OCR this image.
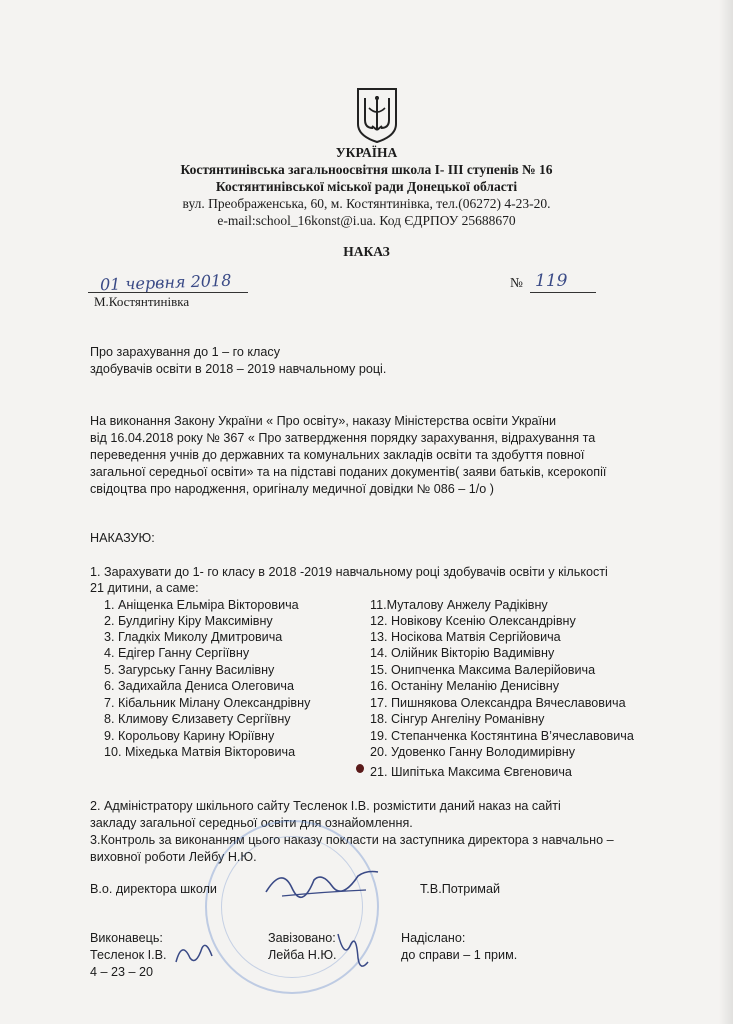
УКРАЇНА
Костянтинівська загальноосвітня школа І- ІІІ ступенів № 16
Костянтинівської міської ради Донецької області
вул. Преображенська, 60, м. Костянтинівка, тел.(06272) 4-23-20.
e-mail:school_16konst@i.ua. Код ЄДРПОУ 25688670
НАКАЗ
01 червня 2018
М.Костянтинівка
№ 119
Про зарахування до 1 – го класу
здобувачів освіти в 2018 – 2019 навчальному році.
На виконання Закону України « Про освіту», наказу Міністерства освіти України
від 16.04.2018 року № 367 « Про затвердження порядку зарахування, відрахування та
переведення учнів до державних та комунальних закладів освіти та здобуття повної
загальної середньої освіти» та на підставі поданих документів( заяви батьків, ксерокопії
свідоцтва про народження, оригіналу медичної довідки № 086 – 1/о )
НАКАЗУЮ:
1. Зарахувати до 1- го класу в 2018 -2019 навчальному році здобувачів освіти у кількості
21 дитини, а саме:
1. Аніщенка Ельміра Вікторовича
2. Булдигіну Кіру Максимівну
3. Гладкіх Миколу Дмитровича
4. Едігер Ганну Сергіївну
5. Загурську Ганну Василівну
6. Задихайла Дениса Олеговича
7. Кібальник Мілану Олександрівну
8. Климову Єлизавету Сергіївну
9. Корольову Карину Юріївну
10. Міхедька Матвія Вікторовича
11.Муталову Анжелу Радіківну
12. Новікову Ксенію Олександрівну
13. Носікова Матвія Сергійовича
14. Олійник Вікторію Вадимівну
15. Онипченка Максима Валерійовича
16. Останіну Меланію Денисівну
17. Пишнякова Олександра Вячеславовича
18. Сінгур Ангеліну Романівну
19. Степанченка Костянтина В’ячеславовича
20. Удовенко Ганну Володимирівну
21. Шипітька Максима Євгеновича
2. Адміністратору шкільного сайту Тесленок І.В. розмістити даний наказ на сайті
закладу загальної середньої освіти для ознайомлення.
3.Контроль за виконанням цього наказу покласти на заступника директора з навчально –
виховної роботи Лейбу Н.Ю.
В.о. директора школи	Т.В.Потримай
Виконавець:
Тесленок І.В.
4 – 23 – 20
Завізовано:
Лейба Н.Ю.
Надіслано:
до справи – 1 прим.
